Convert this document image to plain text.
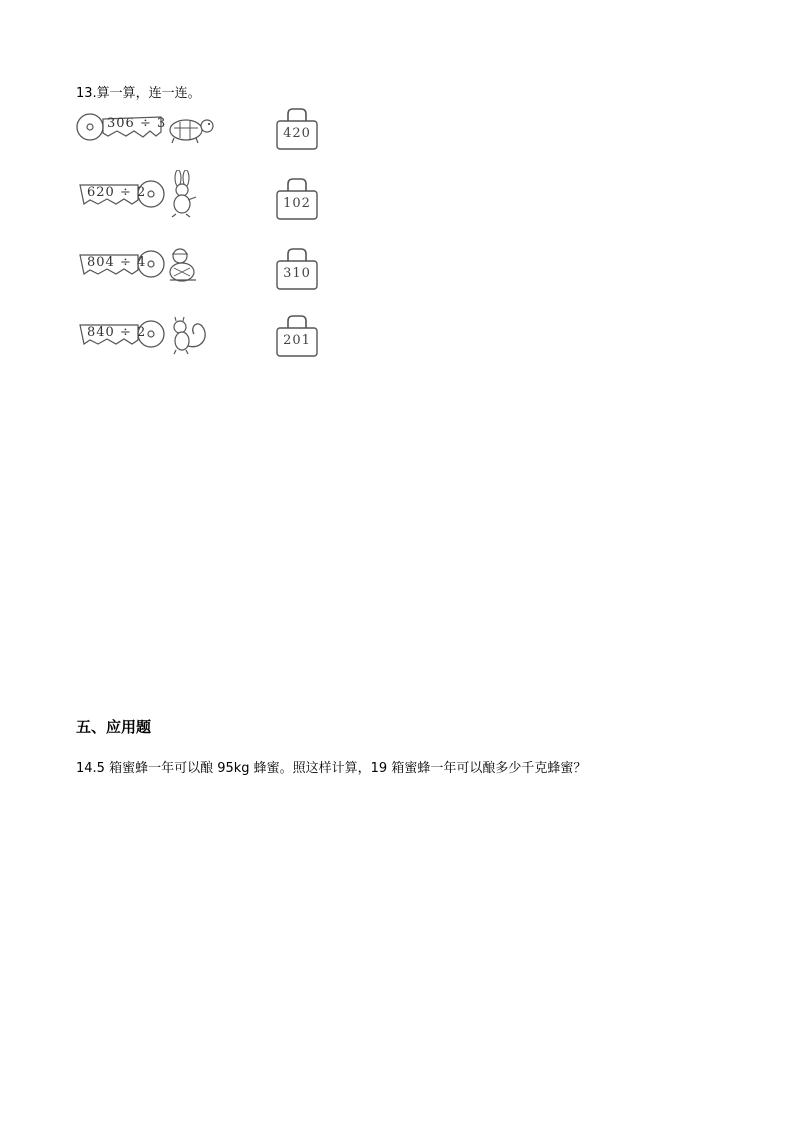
13.算一算，连一连。
306 ÷ 3
620 ÷ 2
804 ÷ 4
840 ÷ 2
420
102
310
201
五、应用题
14.5 箱蜜蜂一年可以酿 95kg 蜂蜜。照这样计算，19 箱蜜蜂一年可以酿多少千克蜂蜜？
